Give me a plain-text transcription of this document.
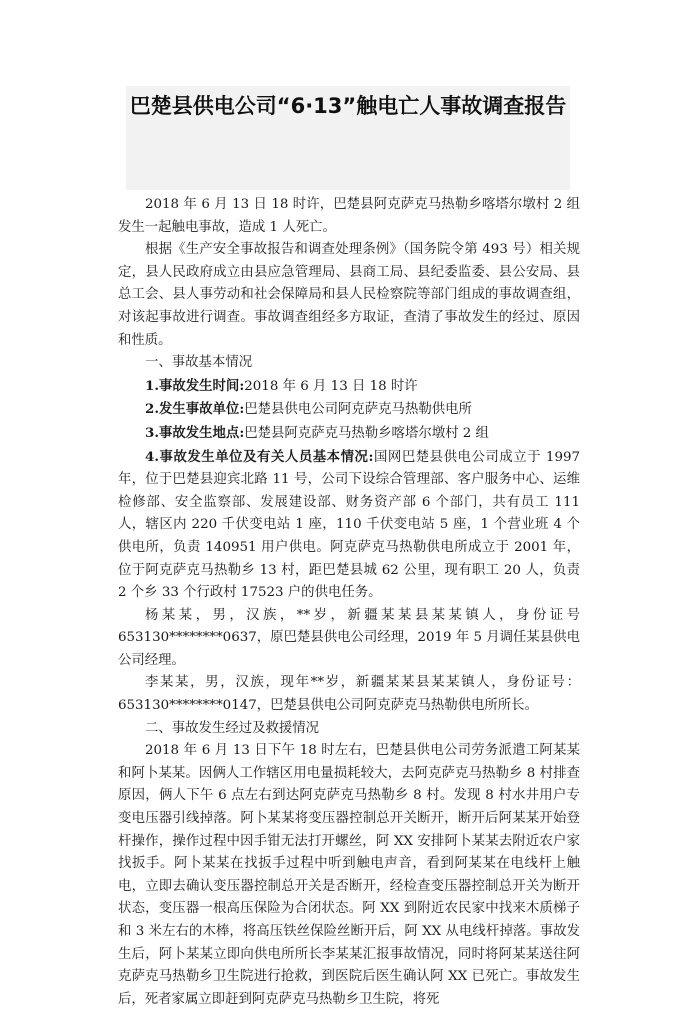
巴楚县供电公司“6·13”触电亡人事故调查报告

2018 年 6 月 13 日 18 时许，巴楚县阿克萨克马热勒乡喀塔尔墩村 2 组发生一起触电事故，造成 1 人死亡。

根据《生产安全事故报告和调查处理条例》（国务院令第 493 号）相关规定，县人民政府成立由县应急管理局、县商工局、县纪委监委、县公安局、县总工会、县人事劳动和社会保障局和县人民检察院等部门组成的事故调查组，对该起事故进行调查。事故调查组经多方取证，查清了事故发生的经过、原因和性质。

一、事故基本情况

1.事故发生时间:2018 年 6 月 13 日 18 时许

2.发生事故单位:巴楚县供电公司阿克萨克马热勒供电所

3.事故发生地点:巴楚县阿克萨克马热勒乡喀塔尔墩村 2 组

4.事故发生单位及有关人员基本情况:国网巴楚县供电公司成立于 1997 年，位于巴楚县迎宾北路 11 号，公司下设综合管理部、客户服务中心、运维检修部、安全监察部、发展建设部、财务资产部 6 个部门，共有员工 111 人，辖区内 220 千伏变电站 1 座，110 千伏变电站 5 座，1 个营业班 4 个供电所，负责 140951 用户供电。阿克萨克马热勒供电所成立于 2001 年，位于阿克萨克马热勒乡 13 村，距巴楚县城 62 公里，现有职工 20 人，负责 2 个乡 33 个行政村 17523 户的供电任务。

杨某某，男，汉族，**岁，新疆某某县某某镇人，身份证号 653130********0637，原巴楚县供电公司经理，2019 年 5 月调任某县供电公司经理。

李某某，男，汉族，现年**岁，新疆某某县某某镇人，身份证号：653130********0147，巴楚县供电公司阿克萨克马热勒供电所所长。

二、事故发生经过及救援情况

2018 年 6 月 13 日下午 18 时左右，巴楚县供电公司劳务派遣工阿某某和阿卜某某。因俩人工作辖区用电量损耗较大，去阿克萨克马热勒乡 8 村排查原因，俩人下午 6 点左右到达阿克萨克马热勒乡 8 村。发现 8 村水井用户专变电压器引线掉落。阿卜某某将变压器控制总开关断开，断开后阿某某开始登杆操作，操作过程中因手钳无法打开螺丝，阿 XX 安排阿卜某某去附近农户家找扳手。阿卜某某在找扳手过程中听到触电声音，看到阿某某在电线杆上触电，立即去确认变压器控制总开关是否断开，经检查变压器控制总开关为断开状态，变压器一根高压保险为合闭状态。阿 XX 到附近农民家中找来木质梯子和 3 米左右的木棒，将高压铁丝保险丝断开后，阿 XX 从电线杆掉落。事故发生后，阿卜某某立即向供电所所长李某某汇报事故情况，同时将阿某某送往阿克萨克马热勒乡卫生院进行抢救，到医院后医生确认阿 XX 已死亡。事故发生后，死者家属立即赶到阿克萨克马热勒乡卫生院，将死
